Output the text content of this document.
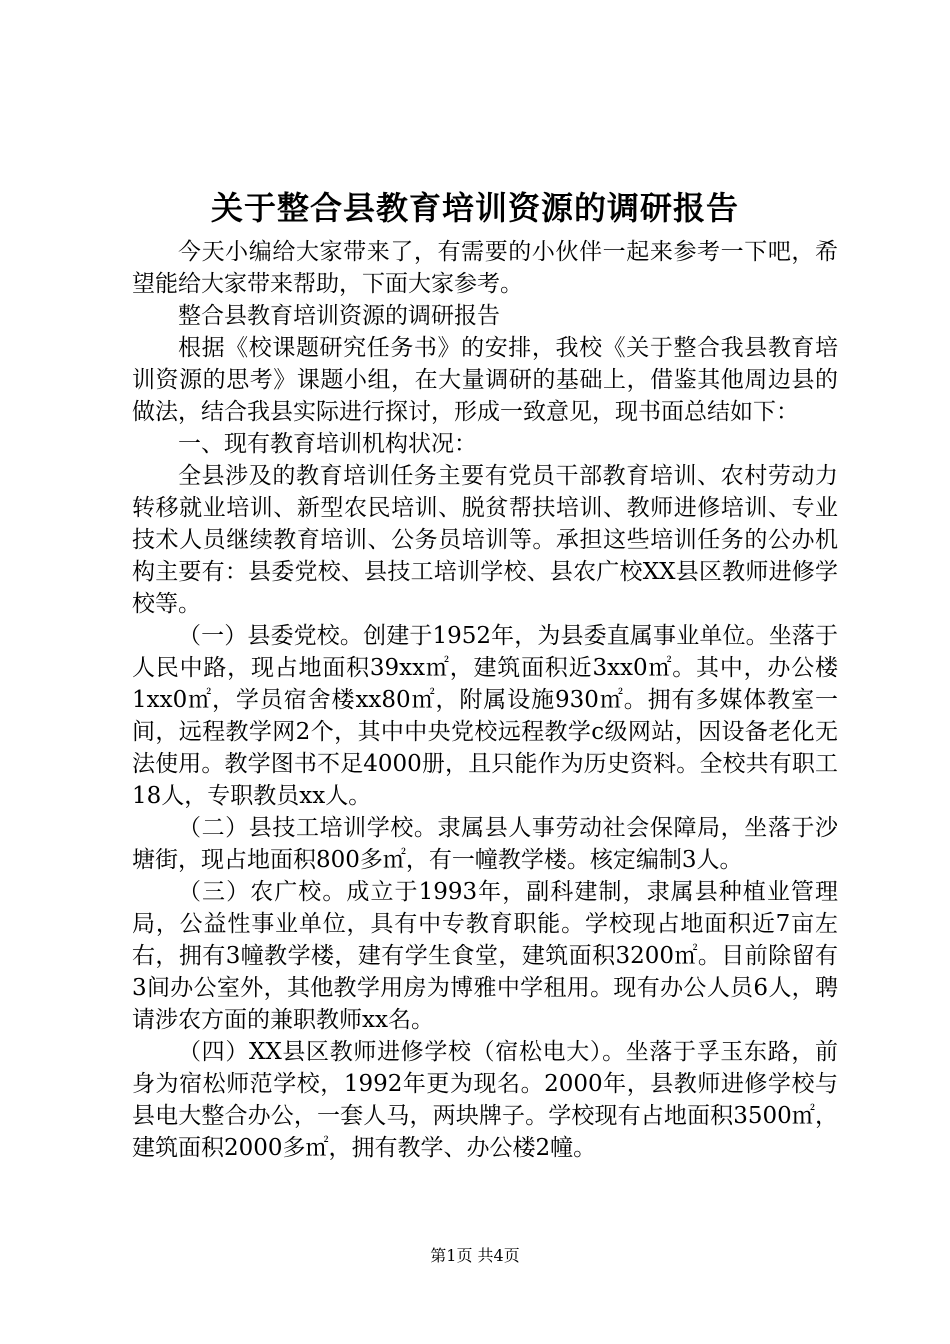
关于整合县教育培训资源的调研报告

今天小编给大家带来了，有需要的小伙伴一起来参考一下吧，希望能给大家带来帮助，下面大家参考。

整合县教育培训资源的调研报告

根据《校课题研究任务书》的安排，我校《关于整合我县教育培训资源的思考》课题小组，在大量调研的基础上，借鉴其他周边县的做法，结合我县实际进行探讨，形成一致意见，现书面总结如下：

一、现有教育培训机构状况：

全县涉及的教育培训任务主要有党员干部教育培训、农村劳动力转移就业培训、新型农民培训、脱贫帮扶培训、教师进修培训、专业技术人员继续教育培训、公务员培训等。承担这些培训任务的公办机构主要有：县委党校、县技工培训学校、县农广校XX县区教师进修学校等。

（一）县委党校。创建于1952年，为县委直属事业单位。坐落于人民中路，现占地面积39xx㎡，建筑面积近3xx0㎡。其中，办公楼1xx0㎡，学员宿舍楼xx80㎡，附属设施930㎡。拥有多媒体教室一间，远程教学网2个，其中中央党校远程教学c级网站，因设备老化无法使用。教学图书不足4000册，且只能作为历史资料。全校共有职工18人，专职教员xx人。

（二）县技工培训学校。隶属县人事劳动社会保障局，坐落于沙塘街，现占地面积800多㎡，有一幢教学楼。核定编制3人。

（三）农广校。成立于1993年，副科建制，隶属县种植业管理局，公益性事业单位，具有中专教育职能。学校现占地面积近7亩左右，拥有3幢教学楼，建有学生食堂，建筑面积3200㎡。目前除留有3间办公室外，其他教学用房为博雅中学租用。现有办公人员6人，聘请涉农方面的兼职教师xx名。

（四）XX县区教师进修学校（宿松电大）。坐落于孚玉东路，前身为宿松师范学校，1992年更为现名。2000年，县教师进修学校与县电大整合办公，一套人马，两块牌子。学校现有占地面积3500㎡，建筑面积2000多㎡，拥有教学、办公楼2幢。

第1页 共4页
